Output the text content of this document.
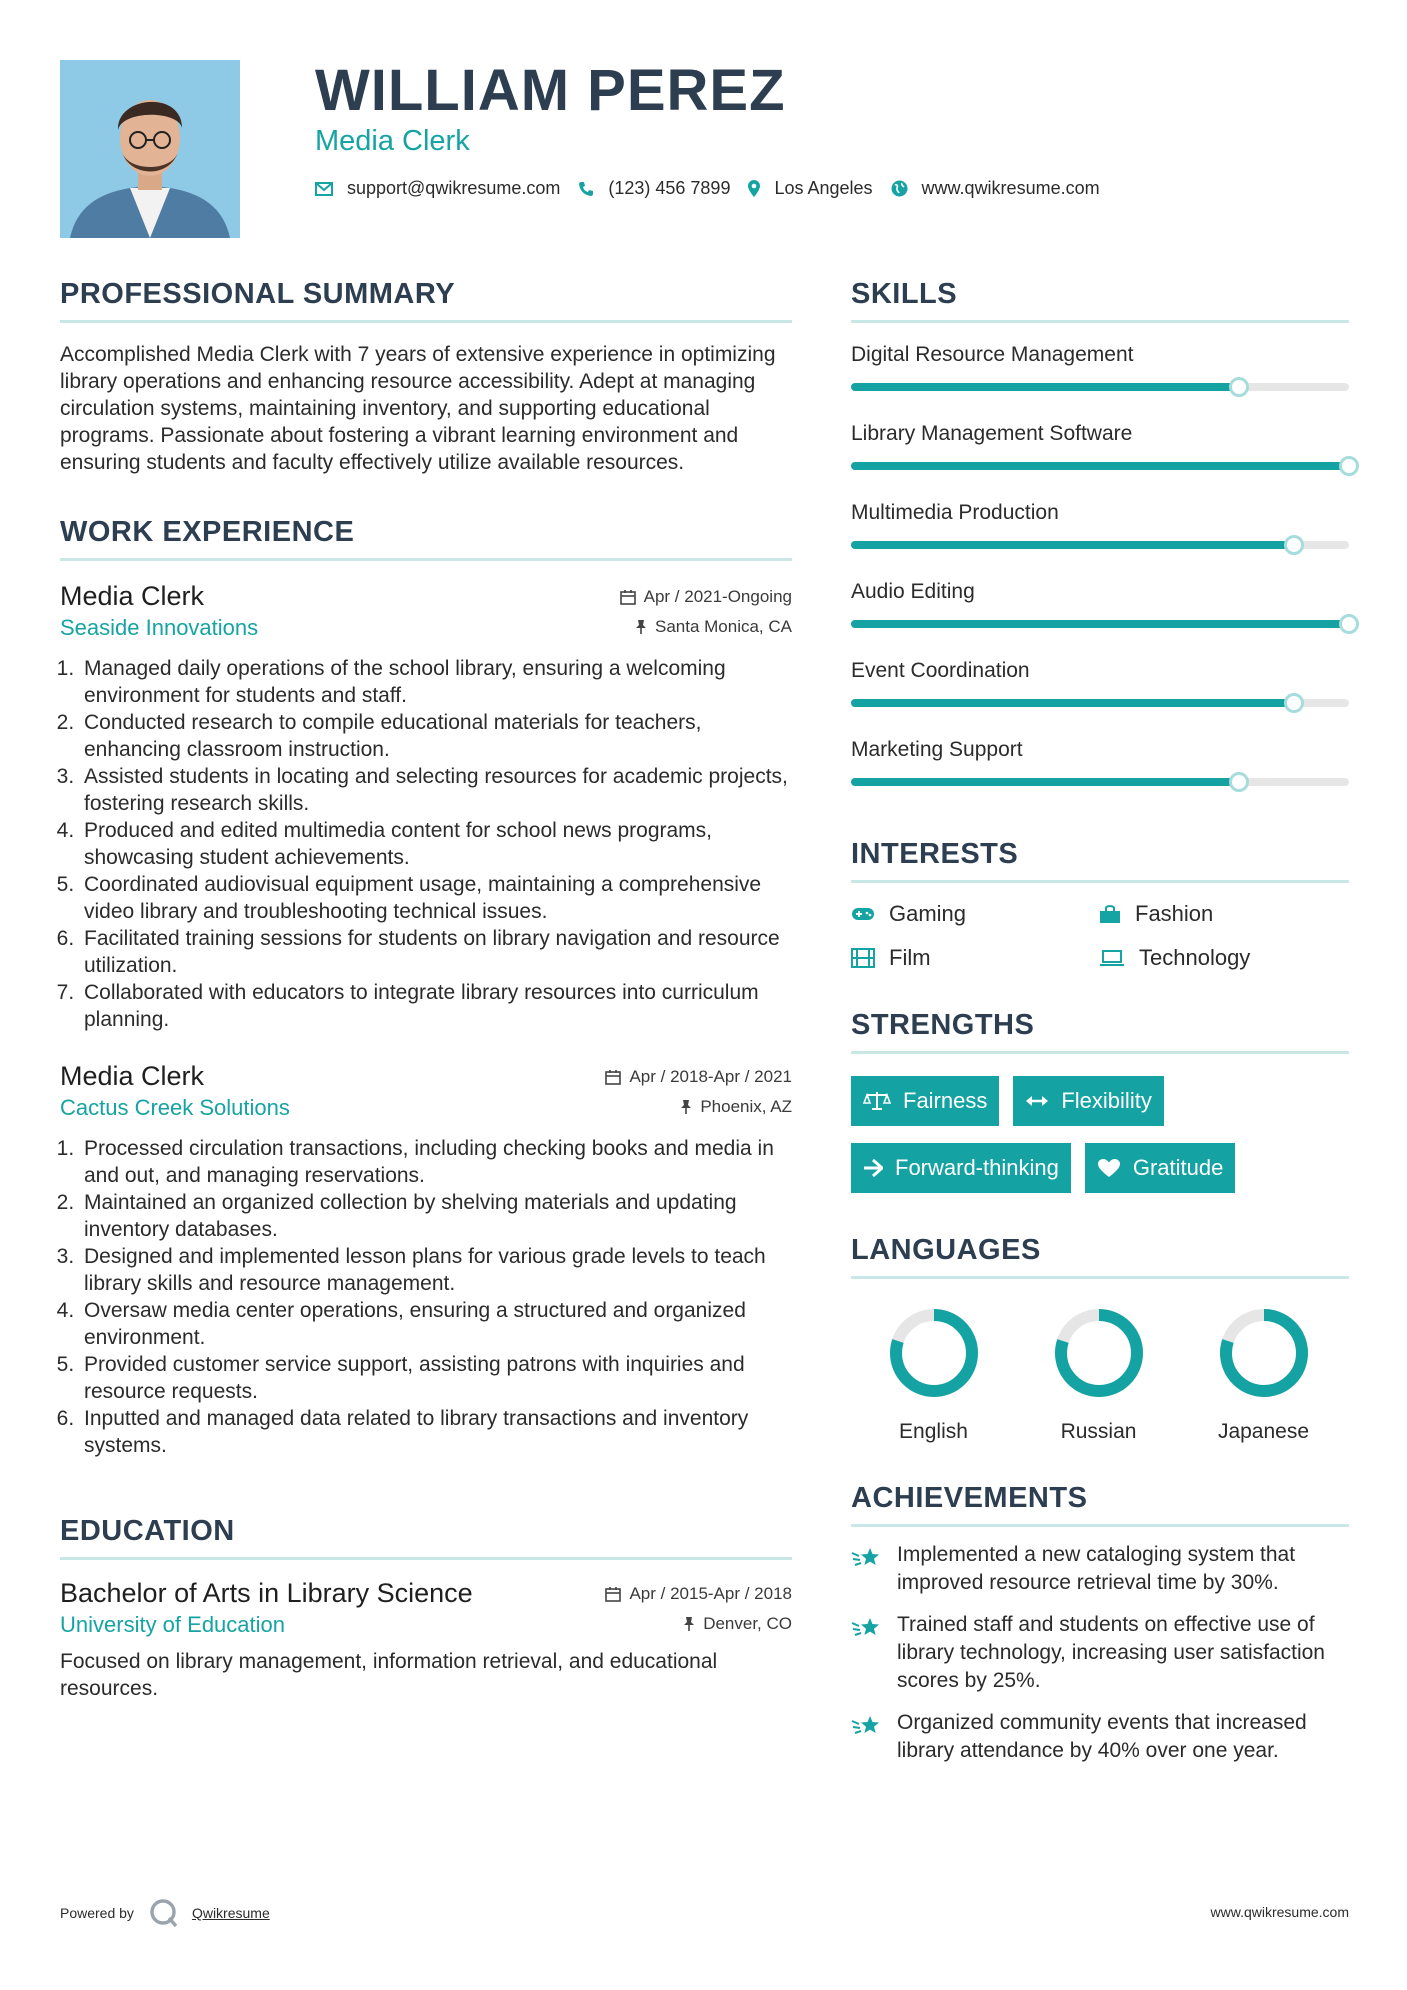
WILLIAM PEREZ
Media Clerk
support@qwikresume.com	(123) 456 7899 Los Angeles	www.qwikresume.com
PROFESSIONAL SUMMARY

Accomplished Media Clerk with 7 years of extensive experience in optimizing library operations and enhancing resource accessibility. Adept at managing circulation systems, maintaining inventory, and supporting educational programs. Passionate about fostering a vibrant learning environment and ensuring students and faculty effectively utilize available resources.

WORK EXPERIENCE
Media Clerk	Apr / 2021-Ongoing
Seaside Innovations	Santa Monica, CA
1. Managed daily operations of the school library, ensuring a welcoming environment for students and staff.
2. Conducted research to compile educational materials for teachers, enhancing classroom instruction.
3. Assisted students in locating and selecting resources for academic projects, fostering research skills.
4. Produced and edited multimedia content for school news programs, showcasing student achievements.
5. Coordinated audiovisual equipment usage, maintaining a comprehensive video library and troubleshooting technical issues.
6. Facilitated training sessions for students on library navigation and resource utilization.
7. Collaborated with educators to integrate library resources into curriculum planning.
Media Clerk	Apr / 2018-Apr / 2021
Cactus Creek Solutions	Phoenix, AZ
1. Processed circulation transactions, including checking books and media in and out, and managing reservations.
2. Maintained an organized collection by shelving materials and updating inventory databases.
3. Designed and implemented lesson plans for various grade levels to teach library skills and resource management.
4. Oversaw media center operations, ensuring a structured and organized environment.
5. Provided customer service support, assisting patrons with inquiries and resource requests.
6. Inputted and managed data related to library transactions and inventory systems.
EDUCATION
Bachelor of Arts in Library Science	Apr / 2015-Apr / 2018
University of Education	Denver, CO

Focused on library management, information retrieval, and educational resources.

SKILLS
Digital Resource Management
Library Management Software
Multimedia Production
Audio Editing
Event Coordination
Marketing Support
INTERESTS
Gaming	Fashion
Film	Technology
STRENGTHS
Fairness	Flexibility
Forward-thinking	Gratitude
LANGUAGES
English	Russian	Japanese
ACHIEVEMENTS
Implemented a new cataloging system that improved resource retrieval time by 30%.
Trained staff and students on effective use of library technology, increasing user satisfaction scores by 25%.
Organized community events that increased library attendance by 40% over one year.
Powered by	Qwikresume	www.qwikresume.com
